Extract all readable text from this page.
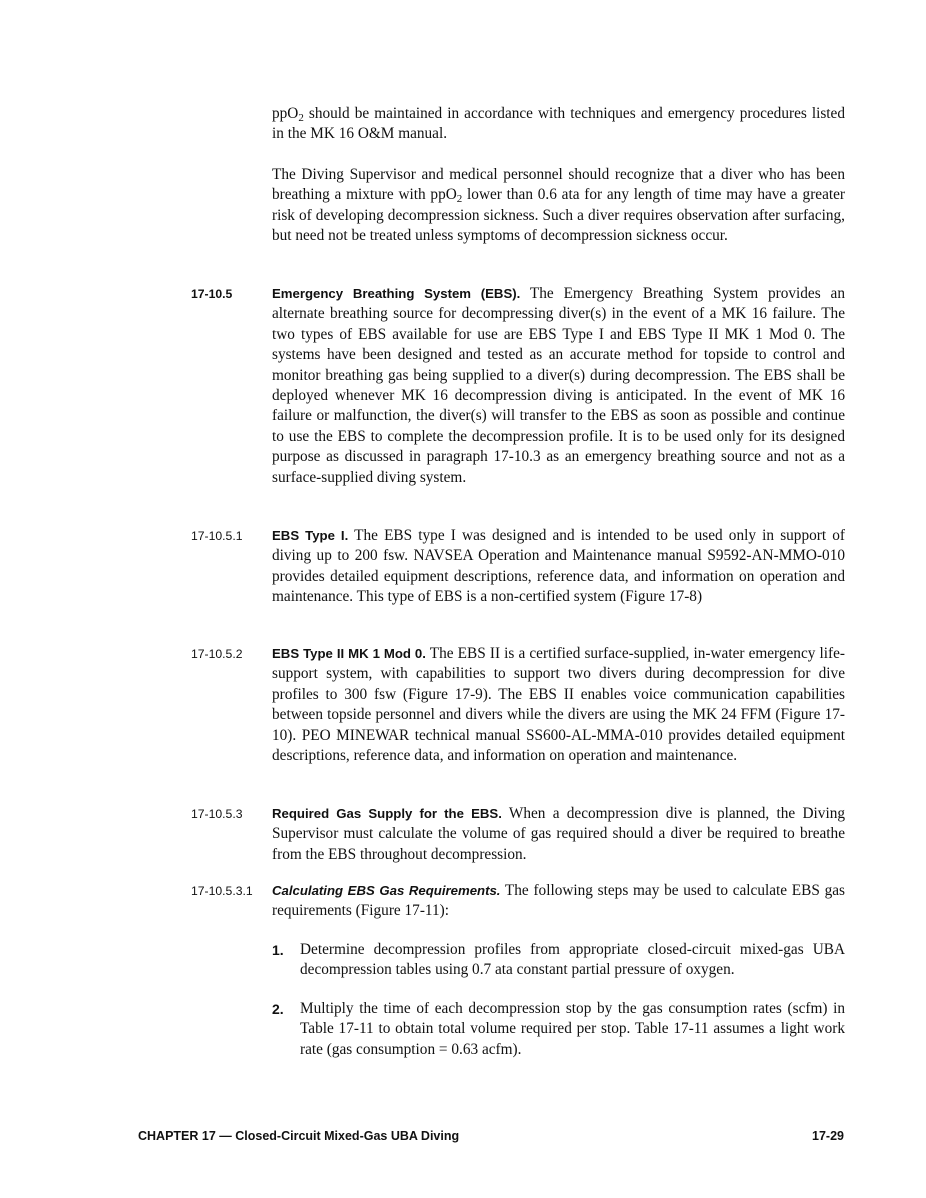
ppO$_2$ should be maintained in accordance with techniques and emergency procedures listed in the MK 16 O&M manual.

The Diving Supervisor and medical personnel should recognize that a diver who has been breathing a mixture with ppO$_2$ lower than 0.6 ata for any length of time may have a greater risk of developing decompression sickness. Such a diver requires observation after surfacing, but need not be treated unless symptoms of decompression sickness occur.

17-10.5	Emergency Breathing System (EBS). The Emergency Breathing System provides an alternate breathing source for decompressing diver(s) in the event of a MK 16 failure. The two types of EBS available for use are EBS Type I and EBS Type II MK 1 Mod 0. The systems have been designed and tested as an accurate method for topside to control and monitor breathing gas being supplied to a diver(s) during decompression. The EBS shall be deployed whenever MK 16 decompression diving is anticipated. In the event of MK 16 failure or malfunction, the diver(s) will transfer to the EBS as soon as possible and continue to use the EBS to complete the decompression profile. It is to be used only for its designed purpose as discussed in paragraph 17-10.3 as an emergency breathing source and not as a surface-supplied diving system.

17-10.5.1 EBS Type I. The EBS type I was designed and is intended to be used only in support of diving up to 200 fsw. NAVSEA Operation and Maintenance manual S9592-AN-MMO-010 provides detailed equipment descriptions, reference data, and information on operation and maintenance. This type of EBS is a non-certified system (Figure 17-8)

17-10.5.2 EBS Type II MK 1 Mod 0. The EBS II is a certified surface-supplied, in-water emergency life-support system, with capabilities to support two divers during decompression for dive profiles to 300 fsw (Figure 17-9). The EBS II enables voice communication capabilities between topside personnel and divers while the divers are using the MK 24 FFM (Figure 17-10). PEO MINEWAR technical manual SS600-AL-MMA-010 provides detailed equipment descriptions, reference data, and information on operation and maintenance.

17-10.5.3 Required Gas Supply for the EBS. When a decompression dive is planned, the Diving Supervisor must calculate the volume of gas required should a diver be required to breathe from the EBS throughout decompression.

17-10.5.3.1 Calculating EBS Gas Requirements. The following steps may be used to calculate EBS gas requirements (Figure 17-11):

1. Determine decompression profiles from appropriate closed-circuit mixed-gas UBA decompression tables using 0.7 ata constant partial pressure of oxygen.

2. Multiply the time of each decompression stop by the gas consumption rates (scfm) in Table 17-11 to obtain total volume required per stop. Table 17-11 assumes a light work rate (gas consumption = 0.63 acfm).

CHAPTER 17 — Closed-Circuit Mixed-Gas UBA Diving	17-29
